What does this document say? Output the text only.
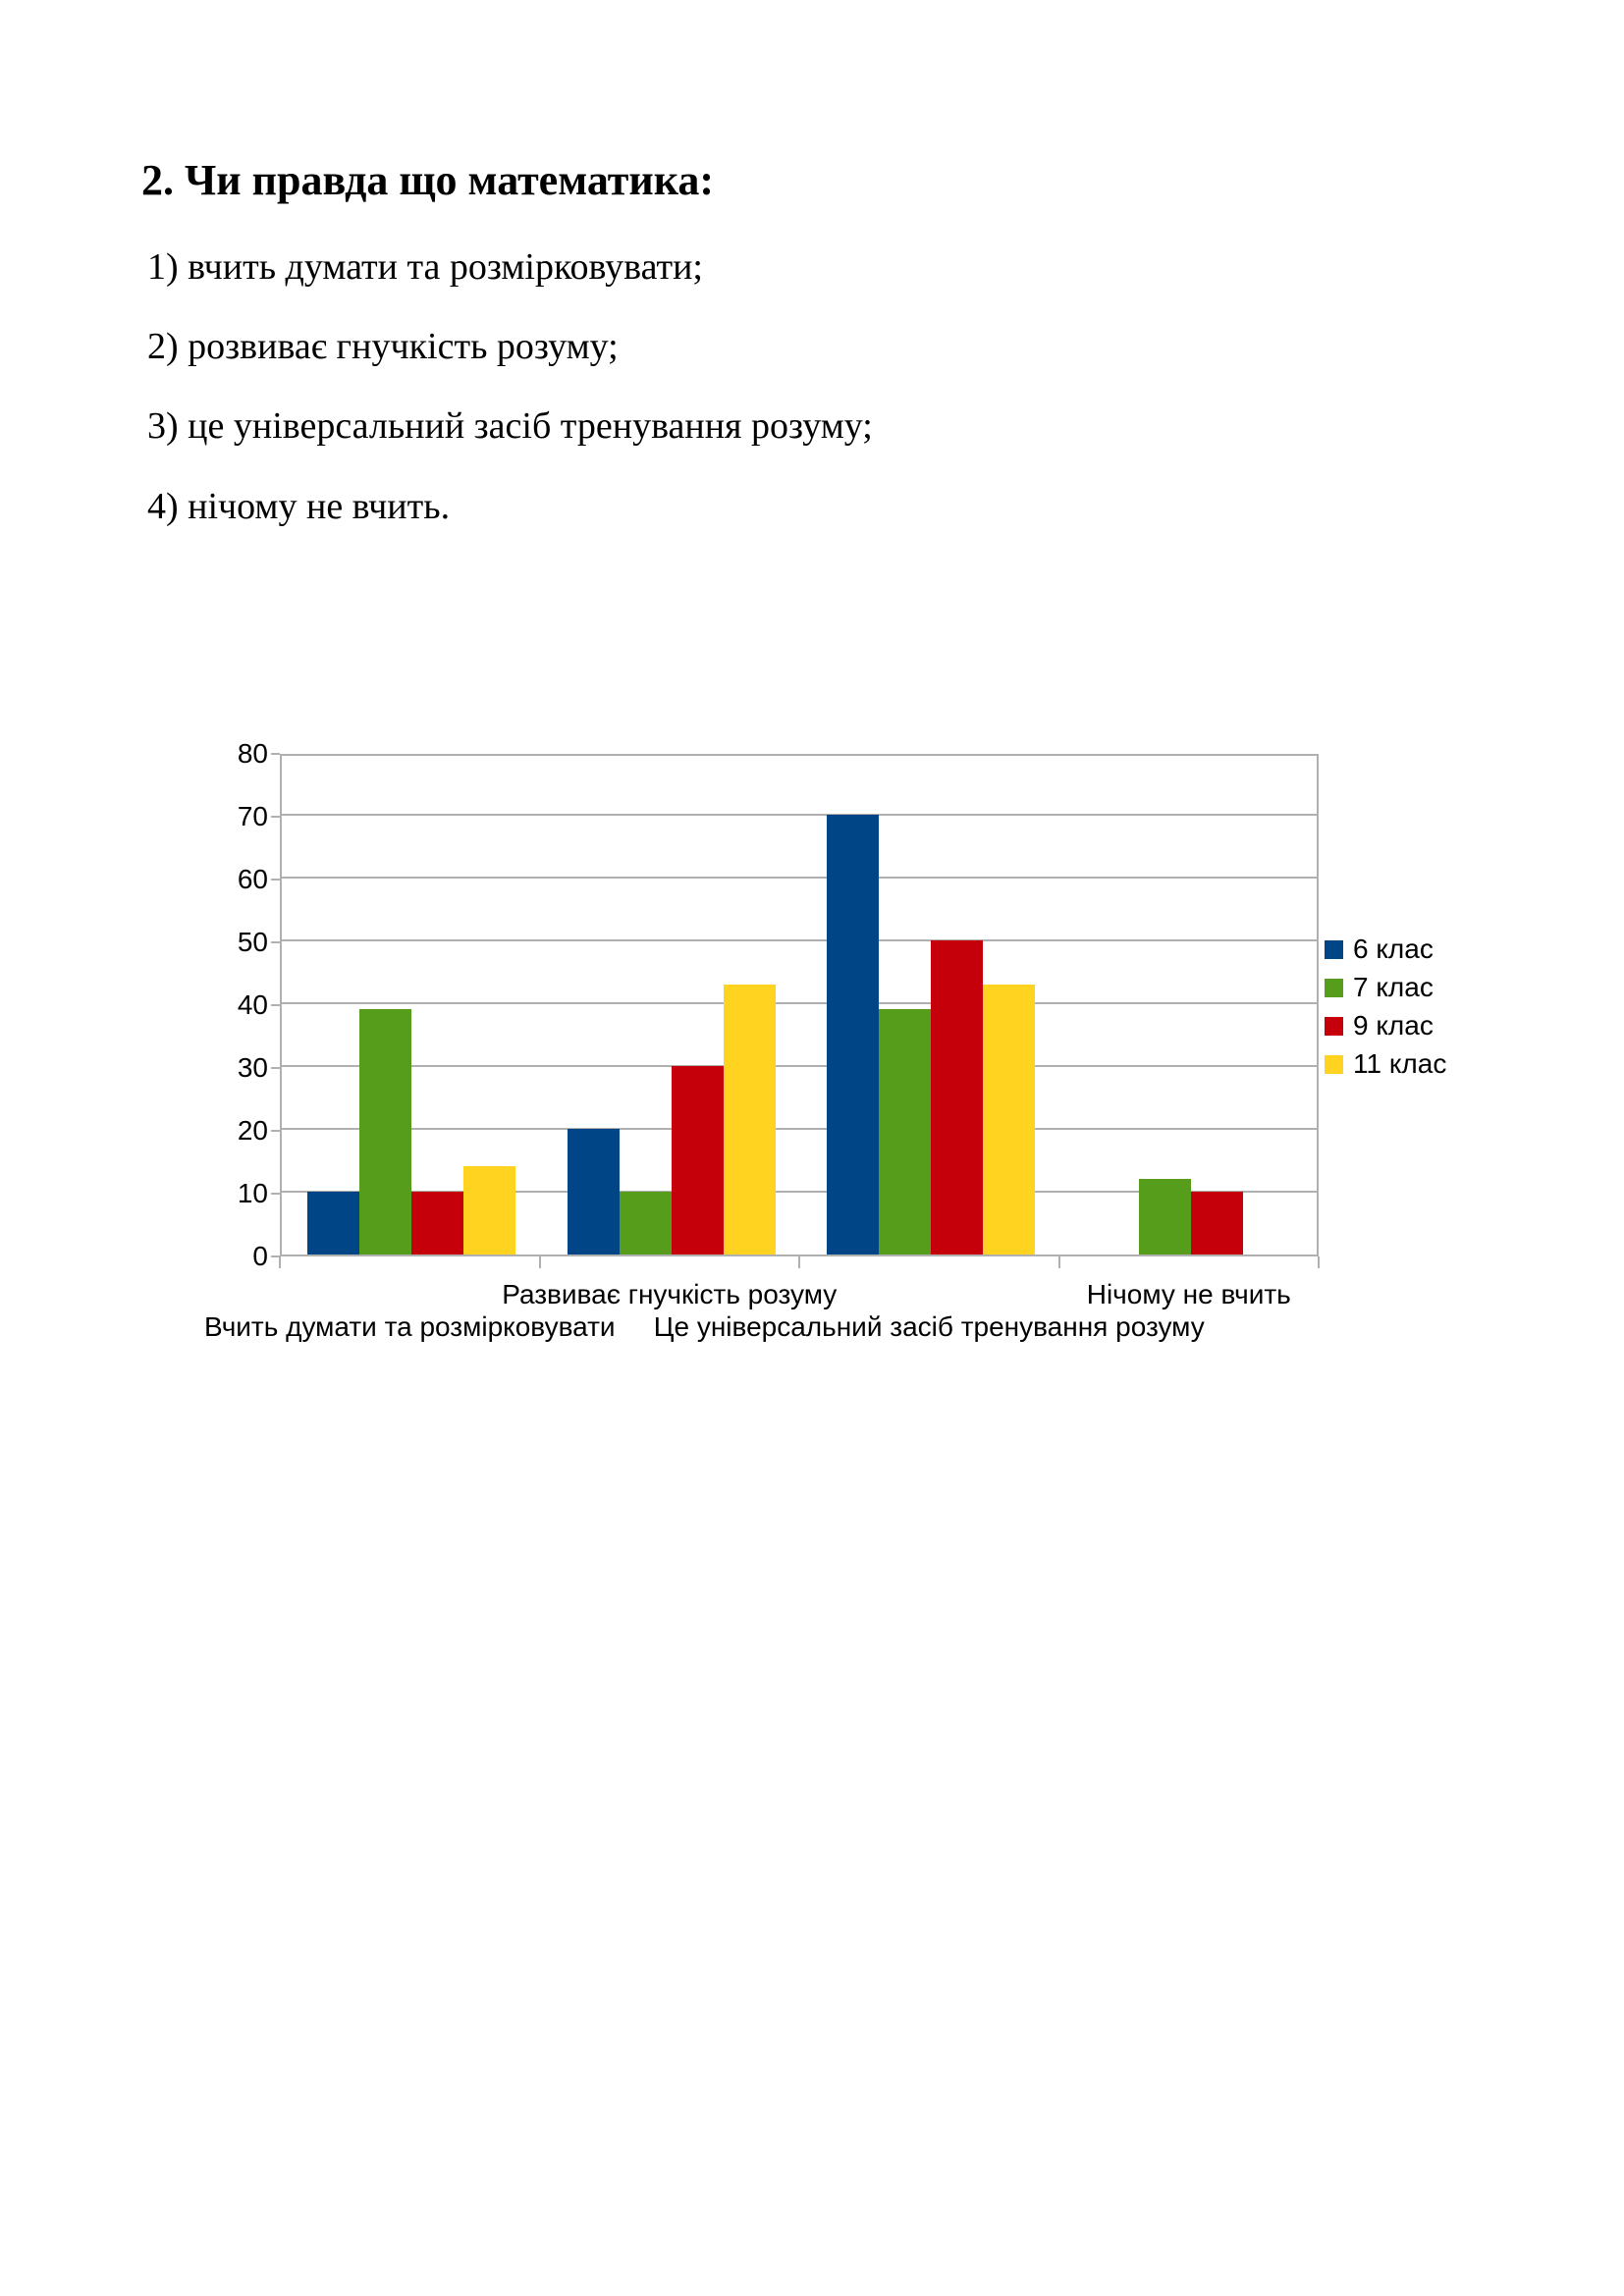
2. Чи правда що математика:
1) вчить думати та розмірковувати;
2) розвиває гнучкість розуму;
3) це універсальний засіб тренування розуму;
4) нічому не вчить.
0
10
20
30
40
50
60
70
80
Вчить думати та розмірковувати
Развиває гнучкість розуму
Це універсальний засіб тренування розуму
Нічому не вчить
6 клас
7 клас
9 клас
11 клас
